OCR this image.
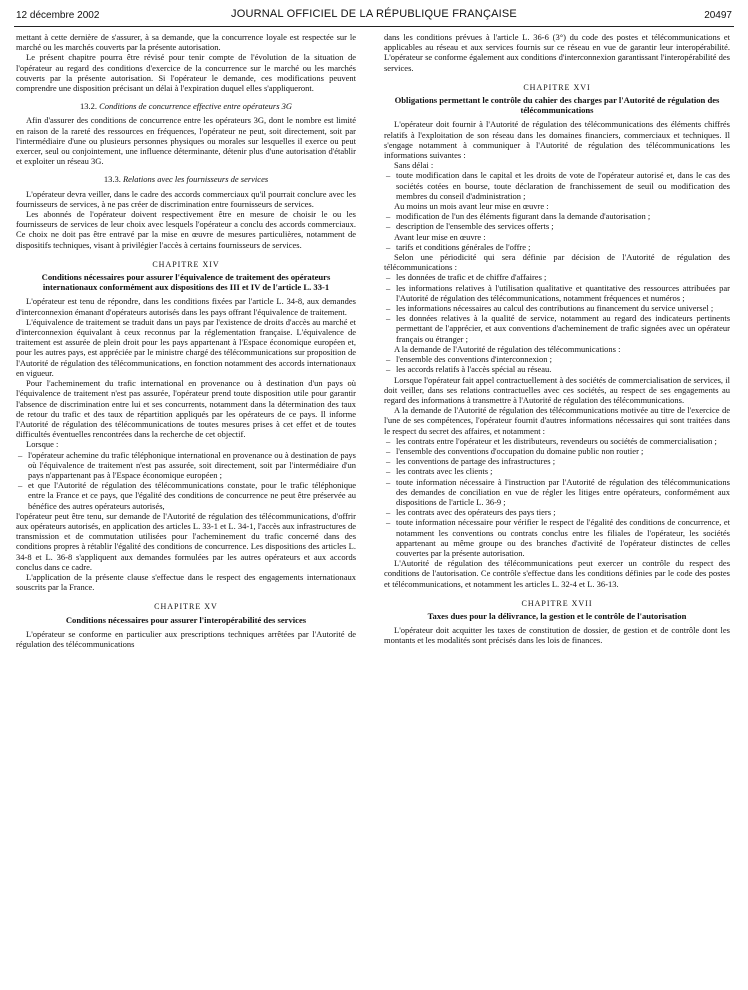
12 décembre 2002	JOURNAL OFFICIEL DE LA RÉPUBLIQUE FRANÇAISE	20497

mettant à cette dernière de s'assurer, à sa demande, que la concurrence loyale est respectée sur le marché ou les marchés couverts par la présente autorisation.

Le présent chapitre pourra être révisé pour tenir compte de l'évolution de la situation de l'opérateur au regard des conditions d'exercice de la concurrence sur le marché ou les marchés couverts par la présente autorisation. Si l'opérateur le demande, ces modifications peuvent comprendre une disposition précisant un délai à l'expiration duquel elles s'appliqueront.

13.2. Conditions de concurrence effective entre opérateurs 3G

Afin d'assurer des conditions de concurrence entre les opérateurs 3G, dont le nombre est limité en raison de la rareté des ressources en fréquences, l'opérateur ne peut, soit directement, soit par l'intermédiaire d'une ou plusieurs personnes physiques ou morales sur lesquelles il exerce ou peut exercer, seul ou conjointement, une influence déterminante, détenir plus d'une autorisation d'établir et exploiter un réseau 3G.

13.3. Relations avec les fournisseurs de services

L'opérateur devra veiller, dans le cadre des accords commerciaux qu'il pourrait conclure avec les fournisseurs de services, à ne pas créer de discrimination entre fournisseurs de services.

Les abonnés de l'opérateur doivent respectivement être en mesure de choisir le ou les fournisseurs de services de leur choix avec lesquels l'opérateur a conclu des accords commerciaux. Ce choix ne doit pas être entravé par la mise en œuvre de mesures particulières, notamment de dispositifs techniques, visant à privilégier l'accès à certains fournisseurs de services.

CHAPITRE XIV
Conditions nécessaires pour assurer l'équivalence de traitement des opérateurs internationaux conformément aux dispositions des III et IV de l'article L. 33-1

L'opérateur est tenu de répondre, dans les conditions fixées par l'article L. 34-8, aux demandes d'interconnexion émanant d'opérateurs autorisés dans les pays offrant l'équivalence de traitement.

L'équivalence de traitement se traduit dans un pays par l'existence de droits d'accès au marché et d'interconnexion équivalant à ceux reconnus par la réglementation française. L'équivalence de traitement est assurée de plein droit pour les pays appartenant à l'Espace économique européen et, pour les autres pays, est appréciée par le ministre chargé des télécommunications sur proposition de l'Autorité de régulation des télécommunications, en fonction notamment des accords internationaux en vigueur.

Pour l'acheminement du trafic international en provenance ou à destination d'un pays où l'équivalence de traitement n'est pas assurée, l'opérateur prend toute disposition utile pour garantir l'absence de discrimination entre lui et ses concurrents, notamment dans la détermination des taux de retour du trafic et des taux de répartition appliqués par les opérateurs de ce pays. Il informe l'Autorité de régulation des télécommunications de toutes mesures prises à cet effet et de toutes difficultés éventuelles rencontrées dans la recherche de cet objectif.

Lorsque :

– l'opérateur achemine du trafic téléphonique international en provenance ou à destination de pays où l'équivalence de traitement n'est pas assurée, soit directement, soit par l'intermédiaire d'un pays n'appartenant pas à l'Espace économique européen ;
– et que l'Autorité de régulation des télécommunications constate, pour le trafic téléphonique entre la France et ce pays, que l'égalité des conditions de concurrence ne peut être préservée au bénéfice des autres opérateurs autorisés,

l'opérateur peut être tenu, sur demande de l'Autorité de régulation des télécommunications, d'offrir aux opérateurs autorisés, en application des articles L. 33-1 et L. 34-1, l'accès aux infrastructures de transmission et de commutation utilisées pour l'acheminement du trafic concerné dans des conditions propres à rétablir l'égalité des conditions de concurrence. Les dispositions des articles L. 34-8 et L. 36-8 s'appliquent aux demandes formulées par les autres opérateurs et aux accords conclus dans ce cadre.

L'application de la présente clause s'effectue dans le respect des engagements internationaux souscrits par la France.

CHAPITRE XV
Conditions nécessaires pour assurer l'interopérabilité des services

L'opérateur se conforme en particulier aux prescriptions techniques arrêtées par l'Autorité de régulation des télécommunications

dans les conditions prévues à l'article L. 36-6 (3°) du code des postes et télécommunications et applicables au réseau et aux services fournis sur ce réseau en vue de garantir leur interopérabilité. L'opérateur se conforme également aux conditions d'interconnexion garantissant l'interopérabilité des services.

CHAPITRE XVI
Obligations permettant le contrôle du cahier des charges par l'Autorité de régulation des télécommunications

L'opérateur doit fournir à l'Autorité de régulation des télécommunications des éléments chiffrés relatifs à l'exploitation de son réseau dans les domaines financiers, commerciaux et techniques. Il s'engage notamment à communiquer à l'Autorité de régulation des télécommunications les informations suivantes :

Sans délai :

– toute modification dans le capital et les droits de vote de l'opérateur autorisé et, dans le cas des sociétés cotées en bourse, toute déclaration de franchissement de seuil ou modification des membres du conseil d'administration ;

Au moins un mois avant leur mise en œuvre :

– modification de l'un des éléments figurant dans la demande d'autorisation ;
– description de l'ensemble des services offerts ;

Avant leur mise en œuvre :

– tarifs et conditions générales de l'offre ;

Selon une périodicité qui sera définie par décision de l'Autorité de régulation des télécommunications :

– les données de trafic et de chiffre d'affaires ;
– les informations relatives à l'utilisation qualitative et quantitative des ressources attribuées par l'Autorité de régulation des télécommunications, notamment fréquences et numéros ;
– les informations nécessaires au calcul des contributions au financement du service universel ;
– les données relatives à la qualité de service, notamment au regard des indicateurs pertinents permettant de l'apprécier, et aux conventions d'acheminement de trafic signées avec un opérateur français ou étranger ;

A la demande de l'Autorité de régulation des télécommunications :

– l'ensemble des conventions d'interconnexion ;
– les accords relatifs à l'accès spécial au réseau.

Lorsque l'opérateur fait appel contractuellement à des sociétés de commercialisation de services, il doit veiller, dans ses relations contractuelles avec ces sociétés, au respect de ses engagements au regard des informations à transmettre à l'Autorité de régulation des télécommunications.

A la demande de l'Autorité de régulation des télécommunications motivée au titre de l'exercice de l'une de ses compétences, l'opérateur fournit d'autres informations nécessaires qui sont traitées dans le respect du secret des affaires, et notamment :

– les contrats entre l'opérateur et les distributeurs, revendeurs ou sociétés de commercialisation ;
– l'ensemble des conventions d'occupation du domaine public non routier ;
– les conventions de partage des infrastructures ;
– les contrats avec les clients ;
– toute information nécessaire à l'instruction par l'Autorité de régulation des télécommunications des demandes de conciliation en vue de régler les litiges entre opérateurs, conformément aux dispositions de l'article L. 36-9 ;
– les contrats avec des opérateurs des pays tiers ;
– toute information nécessaire pour vérifier le respect de l'égalité des conditions de concurrence, et notamment les conventions ou contrats conclus entre les filiales de l'opérateur, les sociétés appartenant au même groupe ou des branches d'activité de l'opérateur distinctes de celles couvertes par la présente autorisation.

L'Autorité de régulation des télécommunications peut exercer un contrôle du respect des conditions de l'autorisation. Ce contrôle s'effectue dans les conditions définies par le code des postes et télécommunications, et notamment les articles L. 32-4 et L. 36-13.

CHAPITRE XVII
Taxes dues pour la délivrance, la gestion et le contrôle de l'autorisation

L'opérateur doit acquitter les taxes de constitution de dossier, de gestion et de contrôle dont les montants et les modalités sont précisés dans les lois de finances.
